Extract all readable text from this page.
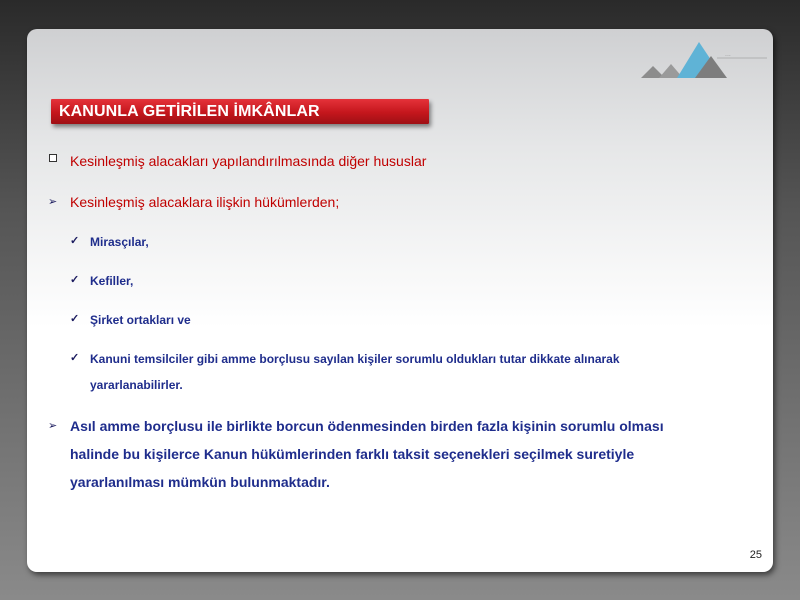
...
KANUNLA GETİRİLEN İMKÂNLAR
Kesinleşmiş alacakları yapılandırılmasında diğer hususlar
➢ Kesinleşmiş alacaklara ilişkin hükümlerden;
✓ Mirasçılar,
✓ Kefiller,
✓ Şirket ortakları ve
✓ Kanuni temsilciler gibi amme borçlusu sayılan kişiler sorumlu oldukları tutar dikkate alınarak
yararlanabilirler.
➢ Asıl amme borçlusu ile birlikte borcun ödenmesinden birden fazla kişinin sorumlu olması
halinde bu kişilerce Kanun hükümlerinden farklı taksit seçenekleri seçilmek suretiyle
yararlanılması mümkün bulunmaktadır.
25
